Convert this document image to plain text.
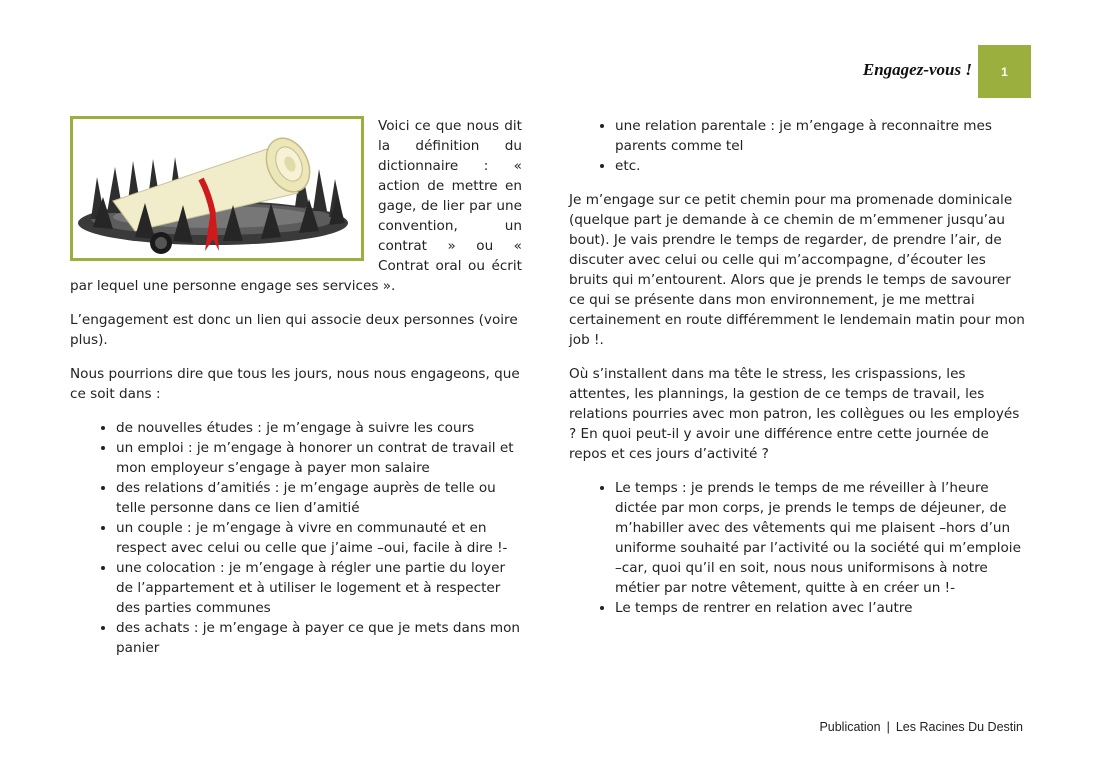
Engagez-vous !	1

Voici ce que nous dit la définition du dictionnaire : « action de mettre en gage, de lier par une convention, un contrat » ou « Contrat oral ou écrit par lequel une personne engage ses services ».

L’engagement est donc un lien qui associe deux personnes (voire plus).

Nous pourrions dire que tous les jours, nous nous engageons, que ce soit dans :

• de nouvelles études : je m’engage à suivre les cours
• un emploi : je m’engage à honorer un contrat de travail et mon employeur s’engage à payer mon salaire
• des relations d’amitiés : je m’engage auprès de telle ou telle personne dans ce lien d’amitié
• un couple : je m’engage à vivre en communauté et en respect avec celui ou celle que j’aime –oui, facile à dire !-
• une colocation : je m’engage à régler une partie du loyer de l’appartement et à utiliser le logement et à respecter des parties communes
• des achats : je m’engage à payer ce que je mets dans mon panier
• une relation parentale : je m’engage à reconnaitre mes parents comme tel
• etc.

Je m’engage sur ce petit chemin pour ma promenade dominicale (quelque part je demande à ce chemin de m’emmener jusqu’au bout). Je vais prendre le temps de regarder, de prendre l’air, de discuter avec celui ou celle qui m’accompagne, d’écouter les bruits qui m’entourent. Alors que je prends le temps de savourer ce qui se présente dans mon environnement, je me mettrai certainement en route différemment le lendemain matin pour mon job !.

Où s’installent dans ma tête le stress, les crispassions, les attentes, les plannings, la gestion de ce temps de travail, les relations pourries avec mon patron, les collègues ou les employés ? En quoi peut-il y avoir une différence entre cette journée de repos et ces jours d’activité ?

• Le temps : je prends le temps de me réveiller à l’heure dictée par mon corps, je prends le temps de déjeuner, de m’habiller avec des vêtements qui me plaisent –hors d’un uniforme souhaité par l’activité ou la société qui m’emploie –car, quoi qu’il en soit, nous nous uniformisons à notre métier par notre vêtement, quitte à en créer un !-
• Le temps de rentrer en relation avec l’autre
Publication | Les Racines Du Destin
